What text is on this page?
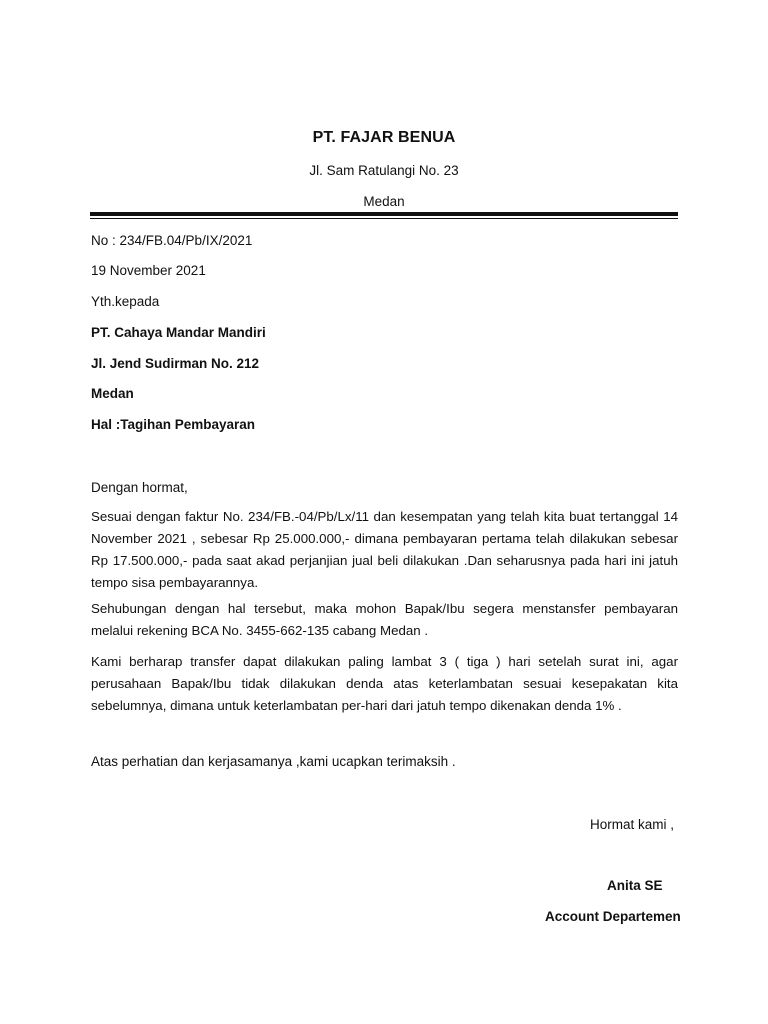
PT. FAJAR BENUA

Jl. Sam Ratulangi No. 23

Medan

No : 234/FB.04/Pb/IX/2021

19 November 2021

Yth.kepada

PT. Cahaya Mandar Mandiri

Jl. Jend Sudirman No. 212

Medan

Hal :Tagihan Pembayaran

Dengan hormat,

Sesuai dengan faktur No. 234/FB.-04/Pb/Lx/11 dan kesempatan yang telah kita buat tertanggal 14 November 2021 , sebesar Rp 25.000.000,- dimana pembayaran pertama telah dilakukan sebesar Rp 17.500.000,- pada saat akad perjanjian jual beli dilakukan .Dan seharusnya pada hari ini jatuh tempo sisa pembayarannya.

Sehubungan dengan hal tersebut, maka mohon Bapak/Ibu segera menstansfer pembayaran melalui rekening BCA No. 3455-662-135 cabang Medan .

Kami berharap transfer dapat dilakukan paling lambat 3 ( tiga ) hari setelah surat ini, agar perusahaan Bapak/Ibu tidak dilakukan denda atas keterlambatan sesuai kesepakatan kita sebelumnya, dimana untuk keterlambatan per-hari dari jatuh tempo dikenakan denda 1% .

Atas perhatian dan kerjasamanya ,kami ucapkan terimaksih .

Hormat kami ,

Anita SE

Account Departemen
